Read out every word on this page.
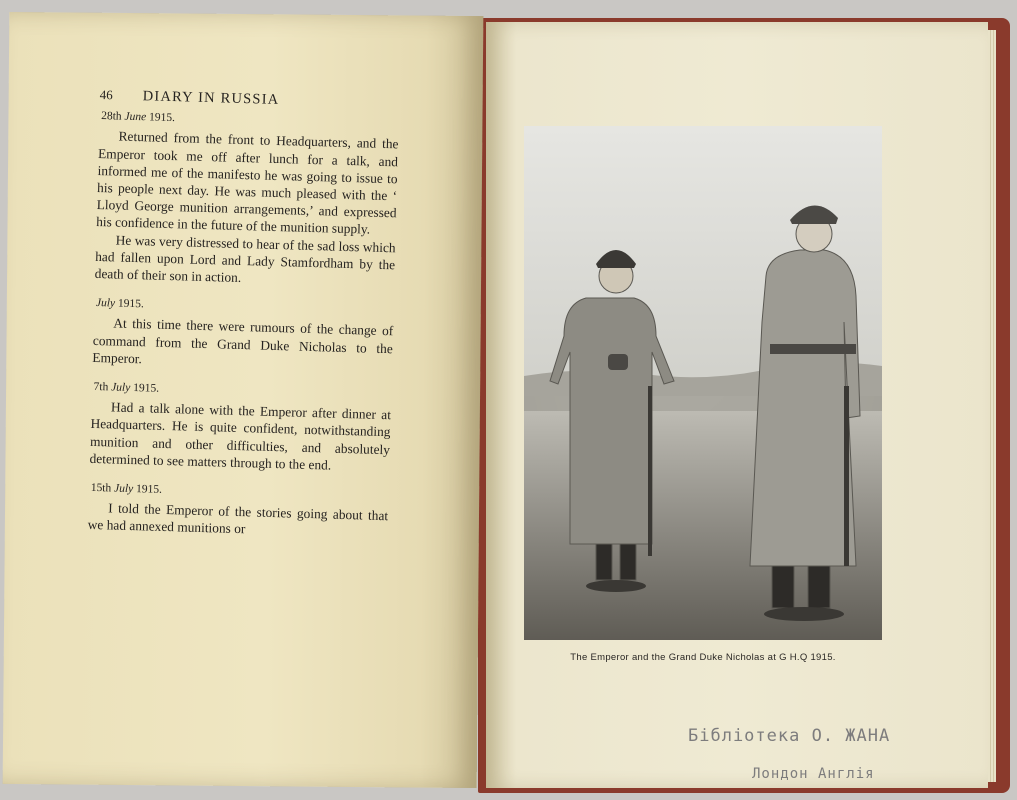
46 DIARY IN RUSSIA
28th June 1915.

Returned from the front to Headquarters, and the Emperor took me off after lunch for a talk, and informed me of the manifesto he was going to issue to his people next day. He was much pleased with the ‘ Lloyd George munition arrangements,’ and expressed his confidence in the future of the munition supply.

He was very distressed to hear of the sad loss which had fallen upon Lord and Lady Stamfordham by the death of their son in action.

July 1915.

At this time there were rumours of the change of command from the Grand Duke Nicholas to the Emperor.

7th July 1915.

Had a talk alone with the Emperor after dinner at Headquarters. He is quite confident, notwithstanding munition and other difficulties, and absolutely determined to see matters through to the end.

15th July 1915.

I told the Emperor of the stories going about that we had annexed munitions or

The Emperor and the Grand Duke Nicholas at G H.Q 1915.
Бібліотека О. ЖАНА
Лондон Англія
